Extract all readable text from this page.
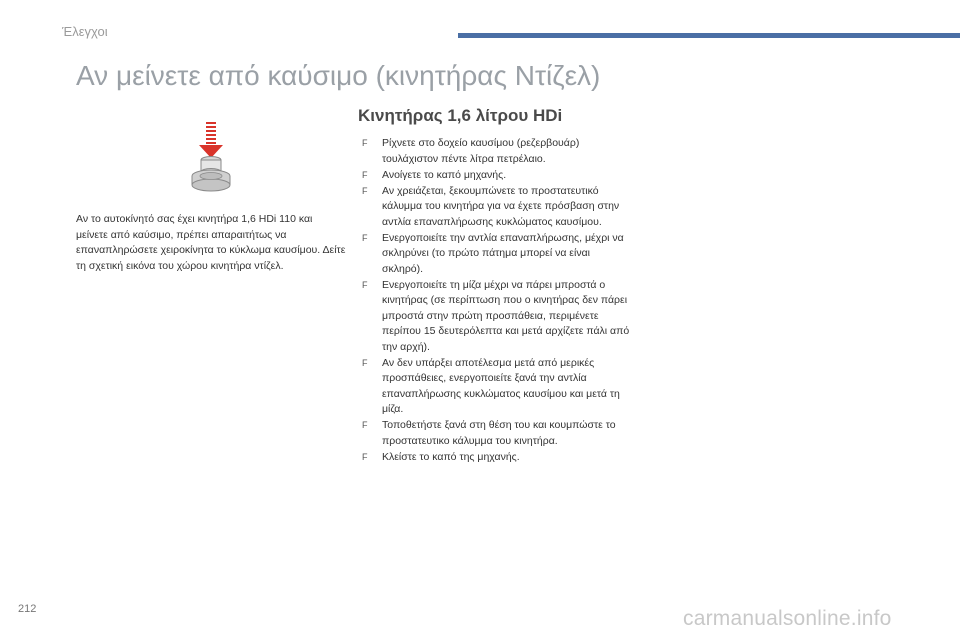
Έλεγχοι
Αν μείνετε από καύσιμο (κινητήρας Ντίζελ)

Αν το αυτοκίνητό σας έχει κινητήρα 1,6 HDi 110 και μείνετε από καύσιμο, πρέπει απαραιτήτως να επαναπληρώσετε χειροκίνητα το κύκλωμα καυσίμου. Δείτε τη σχετική εικόνα του χώρου κινητήρα ντίζελ.

Κινητήρας 1,6 λίτρου HDi
F Ρίχνετε στο δοχείο καυσίμου (ρεζερβουάρ) τουλάχιστον πέντε λίτρα πετρέλαιο.
F Ανοίγετε το καπό μηχανής.
F Αν χρειάζεται, ξεκουμπώνετε το προστατευτικό κάλυμμα του κινητήρα για να έχετε πρόσβαση στην αντλία επαναπλήρωσης κυκλώματος καυσίμου.
F Ενεργοποιείτε την αντλία επαναπλήρωσης, μέχρι να σκληρύνει (το πρώτο πάτημα μπορεί να είναι σκληρό).
F Ενεργοποιείτε τη μίζα μέχρι να πάρει μπροστά ο κινητήρας (σε περίπτωση που ο κινητήρας δεν πάρει μπροστά στην πρώτη προσπάθεια, περιμένετε περίπου 15 δευτερόλεπτα και μετά αρχίζετε πάλι από την αρχή).
F Αν δεν υπάρξει αποτέλεσμα μετά από μερικές προσπάθειες, ενεργοποιείτε ξανά την αντλία επαναπλήρωσης κυκλώματος καυσίμου και μετά τη μίζα.
F Τοποθετήστε ξανά στη θέση του και κουμπώστε το προστατευτικο κάλυμμα του κινητήρα.
F Κλείστε το καπό της μηχανής.
212	carmanualsonline.info
